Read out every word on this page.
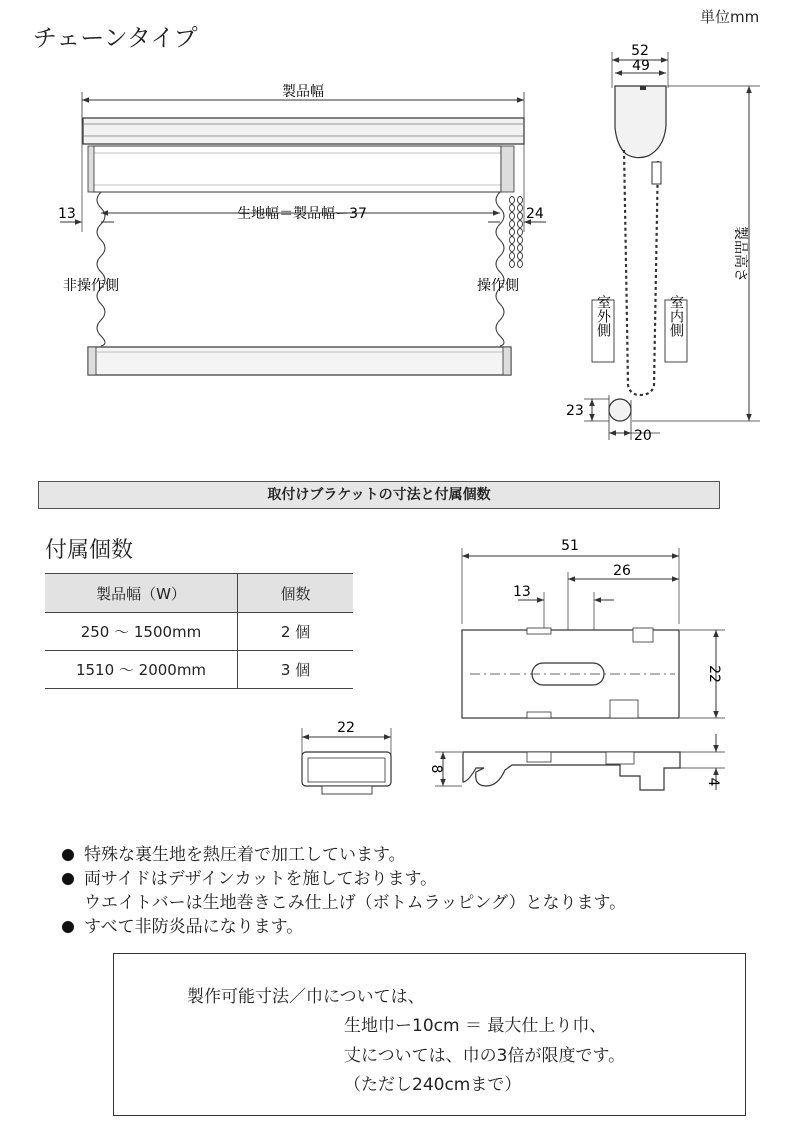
チェーンタイプ
単位mm
製品幅
生地幅＝製品幅ー37
13	24
非操作側	操作側
52
49
製品高さ
室外側	室内側
23
20
取付けブラケットの寸法と付属個数
付属個数
製品幅（W）	個数
250 ～ 1500mm	2 個
1510 ～ 2000mm	3 個
51
26
13
22
22
8
4
特殊な裏生地を熱圧着で加工しています。
両サイドはデザインカットを施しております。
ウエイトバーは生地巻きこみ仕上げ（ボトムラッピング）となります。
すべて非防炎品になります。
製作可能寸法／巾については、
生地巾ー10cm ＝ 最大仕上り巾、
丈については、巾の3倍が限度です。
（ただし240cmまで）
